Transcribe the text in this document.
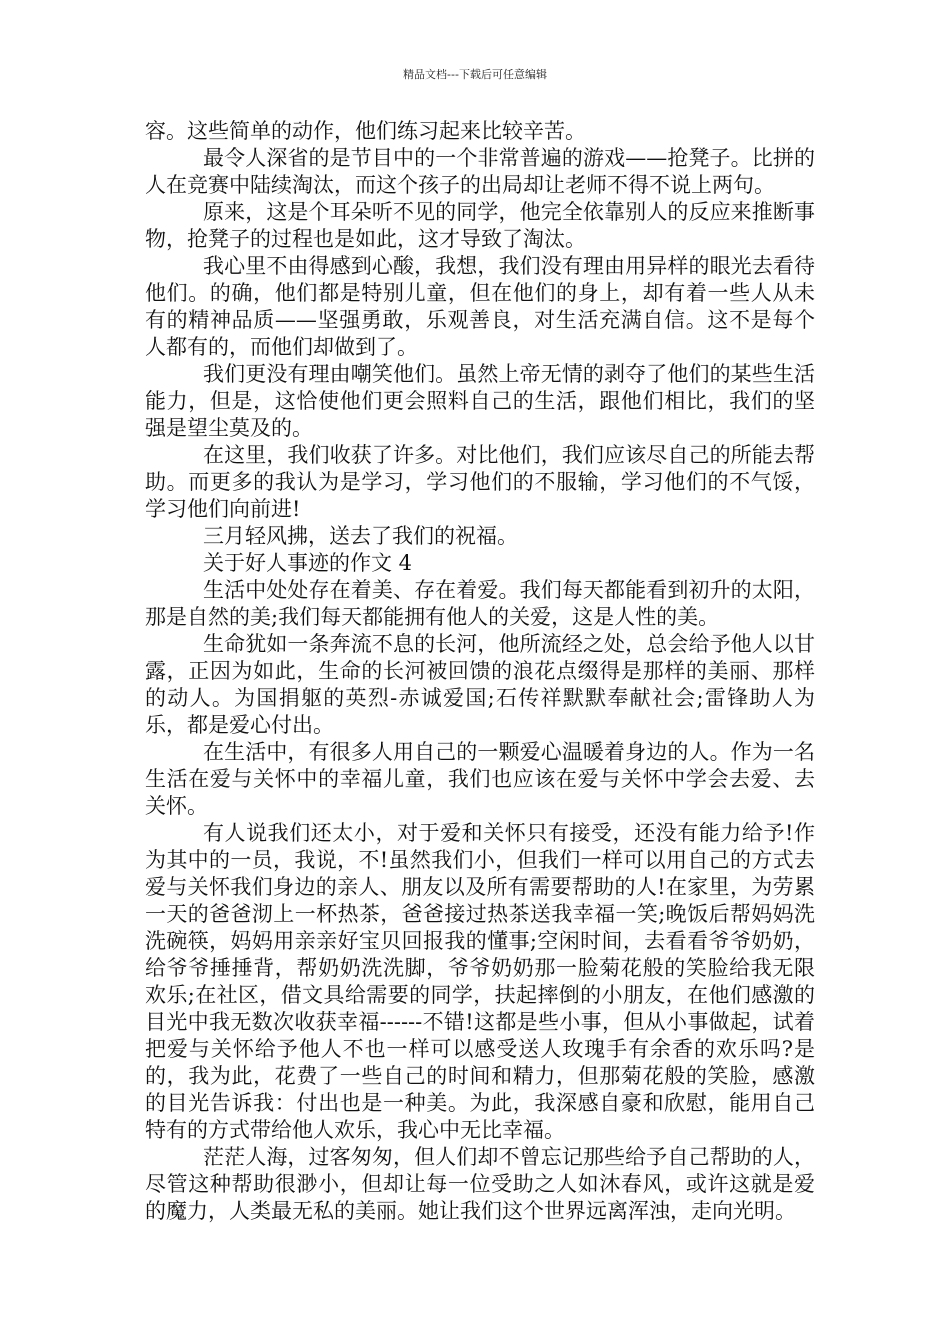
精品文档---下载后可任意编辑

容。这些简单的动作，他们练习起来比较辛苦。

最令人深省的是节目中的一个非常普遍的游戏——抢凳子。比拼的人在竞赛中陆续淘汰，而这个孩子的出局却让老师不得不说上两句。

原来，这是个耳朵听不见的同学，他完全依靠别人的反应来推断事物，抢凳子的过程也是如此，这才导致了淘汰。

我心里不由得感到心酸，我想，我们没有理由用异样的眼光去看待他们。的确，他们都是特别儿童，但在他们的身上，却有着一些人从未有的精神品质——坚强勇敢，乐观善良，对生活充满自信。这不是每个人都有的，而他们却做到了。

我们更没有理由嘲笑他们。虽然上帝无情的剥夺了他们的某些生活能力，但是，这恰使他们更会照料自己的生活，跟他们相比，我们的坚强是望尘莫及的。

在这里，我们收获了许多。对比他们，我们应该尽自己的所能去帮助。而更多的我认为是学习，学习他们的不服输，学习他们的不气馁，学习他们向前进!

三月轻风拂，送去了我们的祝福。

关于好人事迹的作文 4

生活中处处存在着美、存在着爱。我们每天都能看到初升的太阳，那是自然的美;我们每天都能拥有他人的关爱，这是人性的美。

生命犹如一条奔流不息的长河，他所流经之处，总会给予他人以甘露，正因为如此，生命的长河被回馈的浪花点缀得是那样的美丽、那样的动人。为国捐躯的英烈-赤诚爱国;石传祥默默奉献社会;雷锋助人为乐，都是爱心付出。

在生活中，有很多人用自己的一颗爱心温暖着身边的人。作为一名生活在爱与关怀中的幸福儿童，我们也应该在爱与关怀中学会去爱、去关怀。

有人说我们还太小，对于爱和关怀只有接受，还没有能力给予!作为其中的一员，我说，不!虽然我们小，但我们一样可以用自己的方式去爱与关怀我们身边的亲人、朋友以及所有需要帮助的人!在家里，为劳累一天的爸爸沏上一杯热茶，爸爸接过热茶送我幸福一笑;晚饭后帮妈妈洗洗碗筷，妈妈用亲亲好宝贝回报我的懂事;空闲时间，去看看爷爷奶奶，给爷爷捶捶背，帮奶奶洗洗脚，爷爷奶奶那一脸菊花般的笑脸给我无限欢乐;在社区，借文具给需要的同学，扶起摔倒的小朋友，在他们感激的目光中我无数次收获幸福------不错!这都是些小事，但从小事做起，试着把爱与关怀给予他人不也一样可以感受送人玫瑰手有余香的欢乐吗?是的，我为此，花费了一些自己的时间和精力，但那菊花般的笑脸，感激的目光告诉我：付出也是一种美。为此，我深感自豪和欣慰，能用自己特有的方式带给他人欢乐，我心中无比幸福。

茫茫人海，过客匆匆，但人们却不曾忘记那些给予自己帮助的人，尽管这种帮助很渺小，但却让每一位受助之人如沐春风，或许这就是爱的魔力，人类最无私的美丽。她让我们这个世界远离浑浊，走向光明。
